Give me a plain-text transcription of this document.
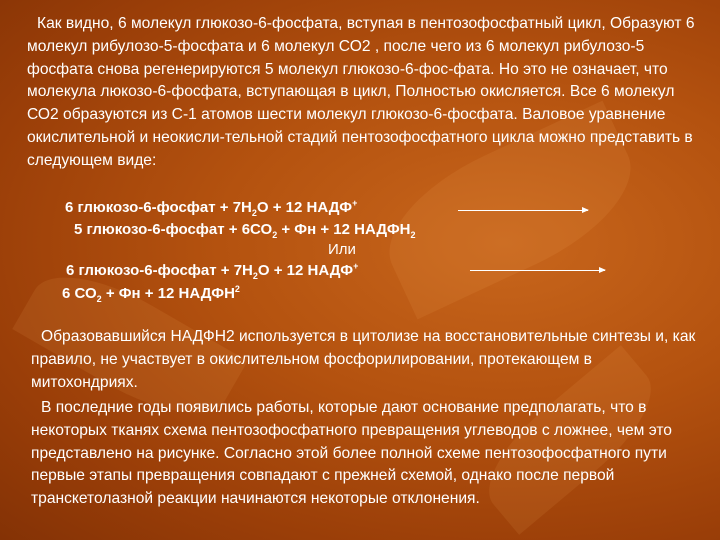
Как видно, 6 молекул глюкозо-6-фосфата, вступая в пентозофосфатный цикл, Образуют 6 молекул рибулозо-5-фосфата и 6 молекул СО2 , после чего из 6 молекул рибулозо-5 фосфата снова регенерируются 5 молекул глюкозо-6-фос-фата. Но это не означает, что молекула люкозо-6-фосфата, вступающая в цикл, Полностью окисляется. Все 6 молекул СО2 образуются из С-1 атомов шести молекул глюкозо-6-фосфата. Валовое уравнение окислительной и неокисли-тельной стадий пентозофосфатного цикла можно представить в следующем виде:

6 глюкозо-6-фосфат + $7Н_2О + 12$ НАДФ+
5 глюкозо-6-фосфат + $6СО_2$ + Фн + 12 $НАДФН_2$
Или
6 глюкозо-6-фосфат + $7Н_2О + 12$ НАДФ+
6 $СО_2$ + Фн + 12 НАДФН$^2$

Образовавшийся НАДФН2 используется в цитолизе на восстановительные синтезы и, как правило, не участвует в окислительном фосфорилировании, протекающем в митохондриях.

В последние годы появились работы, которые дают основание предполагать, что в некоторых тканях схема пентозофосфатного превращения углеводов с ложнее, чем это представлено на рисунке. Согласно этой более полной схеме пентозофосфатного пути первые этапы превращения совпадают с прежней схемой, однако после первой транскетолазной реакции начинаются некоторые отклонения.
